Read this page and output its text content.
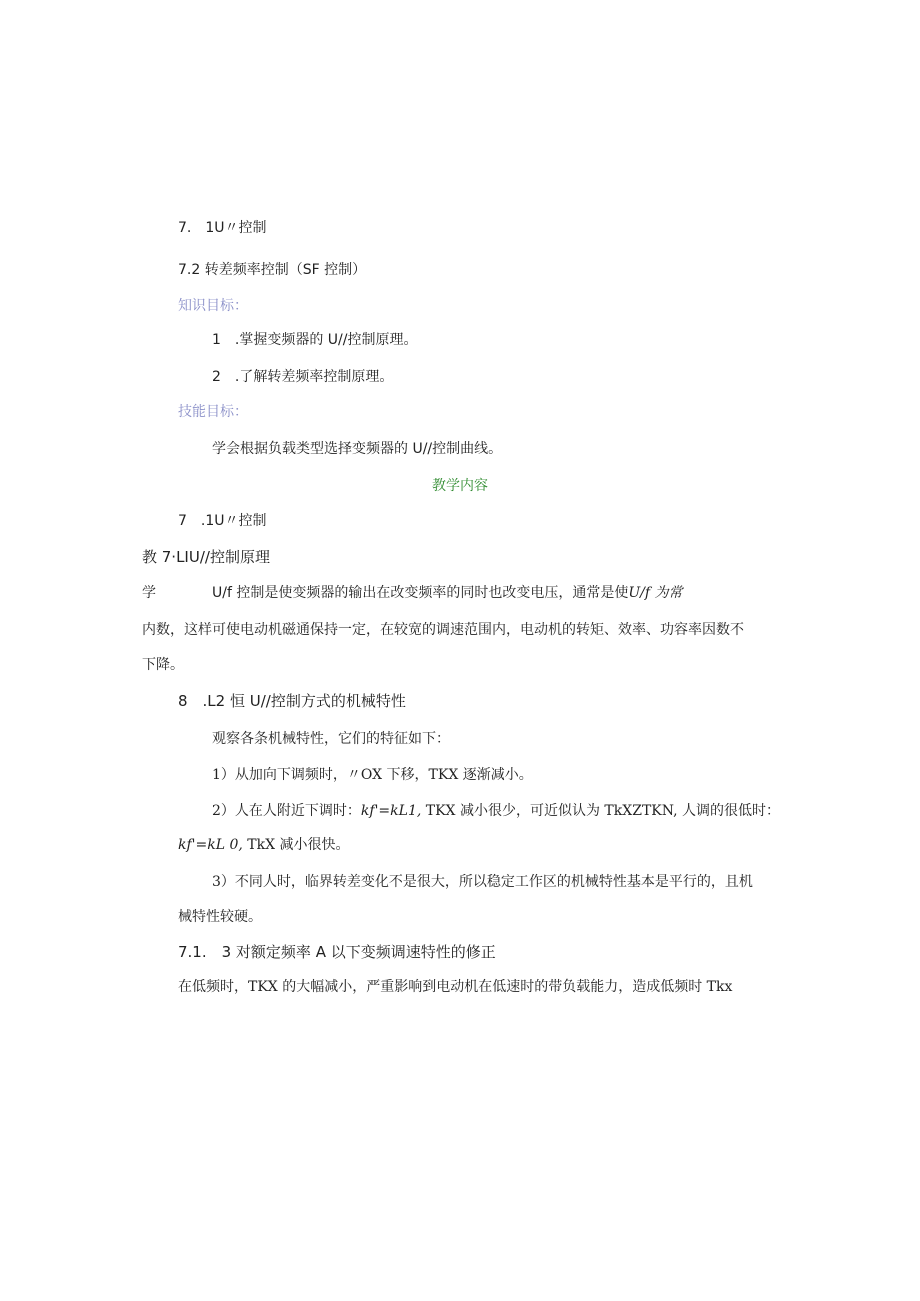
7.　1U〃控制
7.2 转差频率控制（SF 控制）
知识目标：
1　.掌握变频器的 U//控制原理。
2　.了解转差频率控制原理。
技能目标：
学会根据负载类型选择变频器的 U//控制曲线。
教学内容
7　.1U〃控制
教 7·LIU//控制原理
学	U/f 控制是使变频器的输出在改变频率的同时也改变电压，通常是使U/f 为常
内数，这样可使电动机磁通保持一定，在较宽的调速范围内，电动机的转矩、效率、功容率因数不
下降。
8　.L2 恒 U//控制方式的机械特性
观察各条机械特性，它们的特征如下：
1）从加向下调频时，〃OX 下移，TKX 逐渐减小。
2）人在人附近下调时：kf'=kL1, TKX 减小很少，可近似认为 TkXZTKN, 人调的很低时：
kf'=kL 0, TkX 减小很快。
3）不同人时，临界转差变化不是很大，所以稳定工作区的机械特性基本是平行的，且机
械特性较硬。
7.1.　3 对额定频率 A 以下变频调速特性的修正
在低频时，TKX 的大幅减小，严重影响到电动机在低速时的带负载能力，造成低频时 Tkx
